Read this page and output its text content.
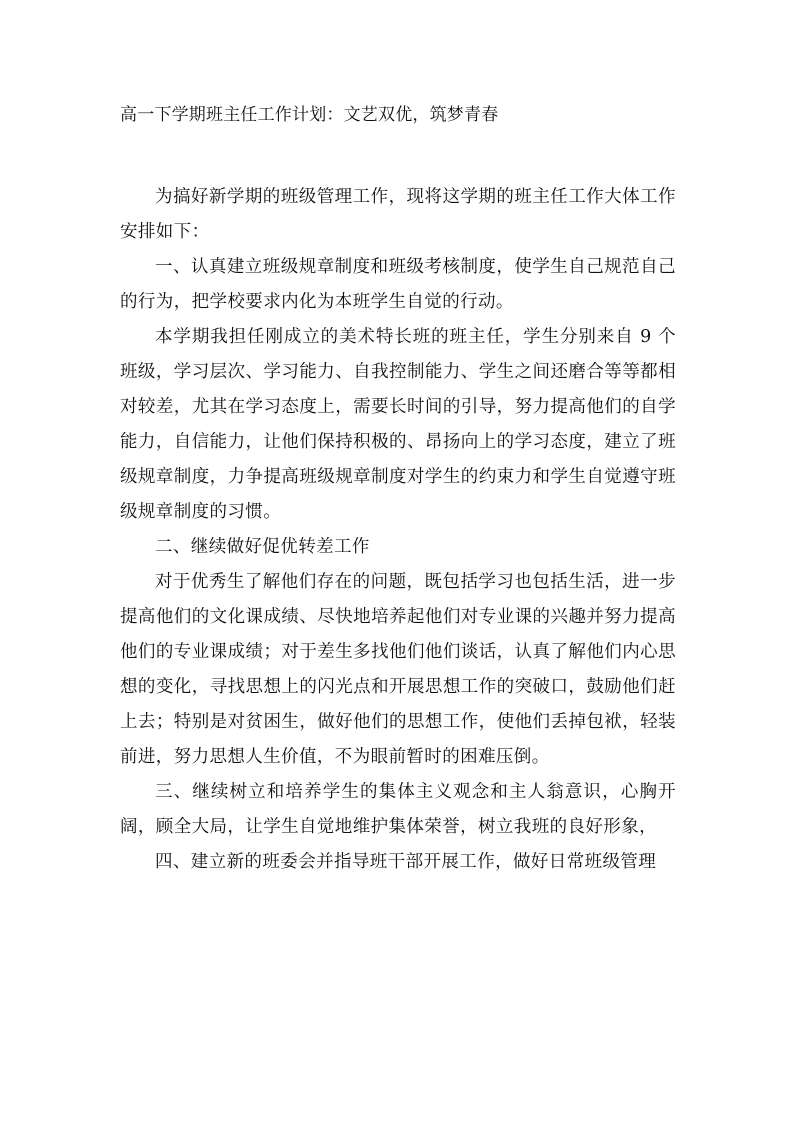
高一下学期班主任工作计划：文艺双优，筑梦青春

为搞好新学期的班级管理工作，现将这学期的班主任工作大体工作安排如下：

一、认真建立班级规章制度和班级考核制度，使学生自己规范自己的行为，把学校要求内化为本班学生自觉的行动。

本学期我担任刚成立的美术特长班的班主任，学生分别来自 9 个班级，学习层次、学习能力、自我控制能力、学生之间还磨合等等都相对较差，尤其在学习态度上，需要长时间的引导，努力提高他们的自学能力，自信能力，让他们保持积极的、昂扬向上的学习态度，建立了班级规章制度，力争提高班级规章制度对学生的约束力和学生自觉遵守班级规章制度的习惯。

二、继续做好促优转差工作

对于优秀生了解他们存在的问题，既包括学习也包括生活，进一步提高他们的文化课成绩、尽快地培养起他们对专业课的兴趣并努力提高他们的专业课成绩；对于差生多找他们他们谈话，认真了解他们内心思想的变化，寻找思想上的闪光点和开展思想工作的突破口，鼓励他们赶上去；特别是对贫困生，做好他们的思想工作，使他们丢掉包袱，轻装前进，努力思想人生价值，不为眼前暂时的困难压倒。

三、继续树立和培养学生的集体主义观念和主人翁意识，心胸开阔，顾全大局，让学生自觉地维护集体荣誉，树立我班的良好形象，

四、建立新的班委会并指导班干部开展工作，做好日常班级管理
